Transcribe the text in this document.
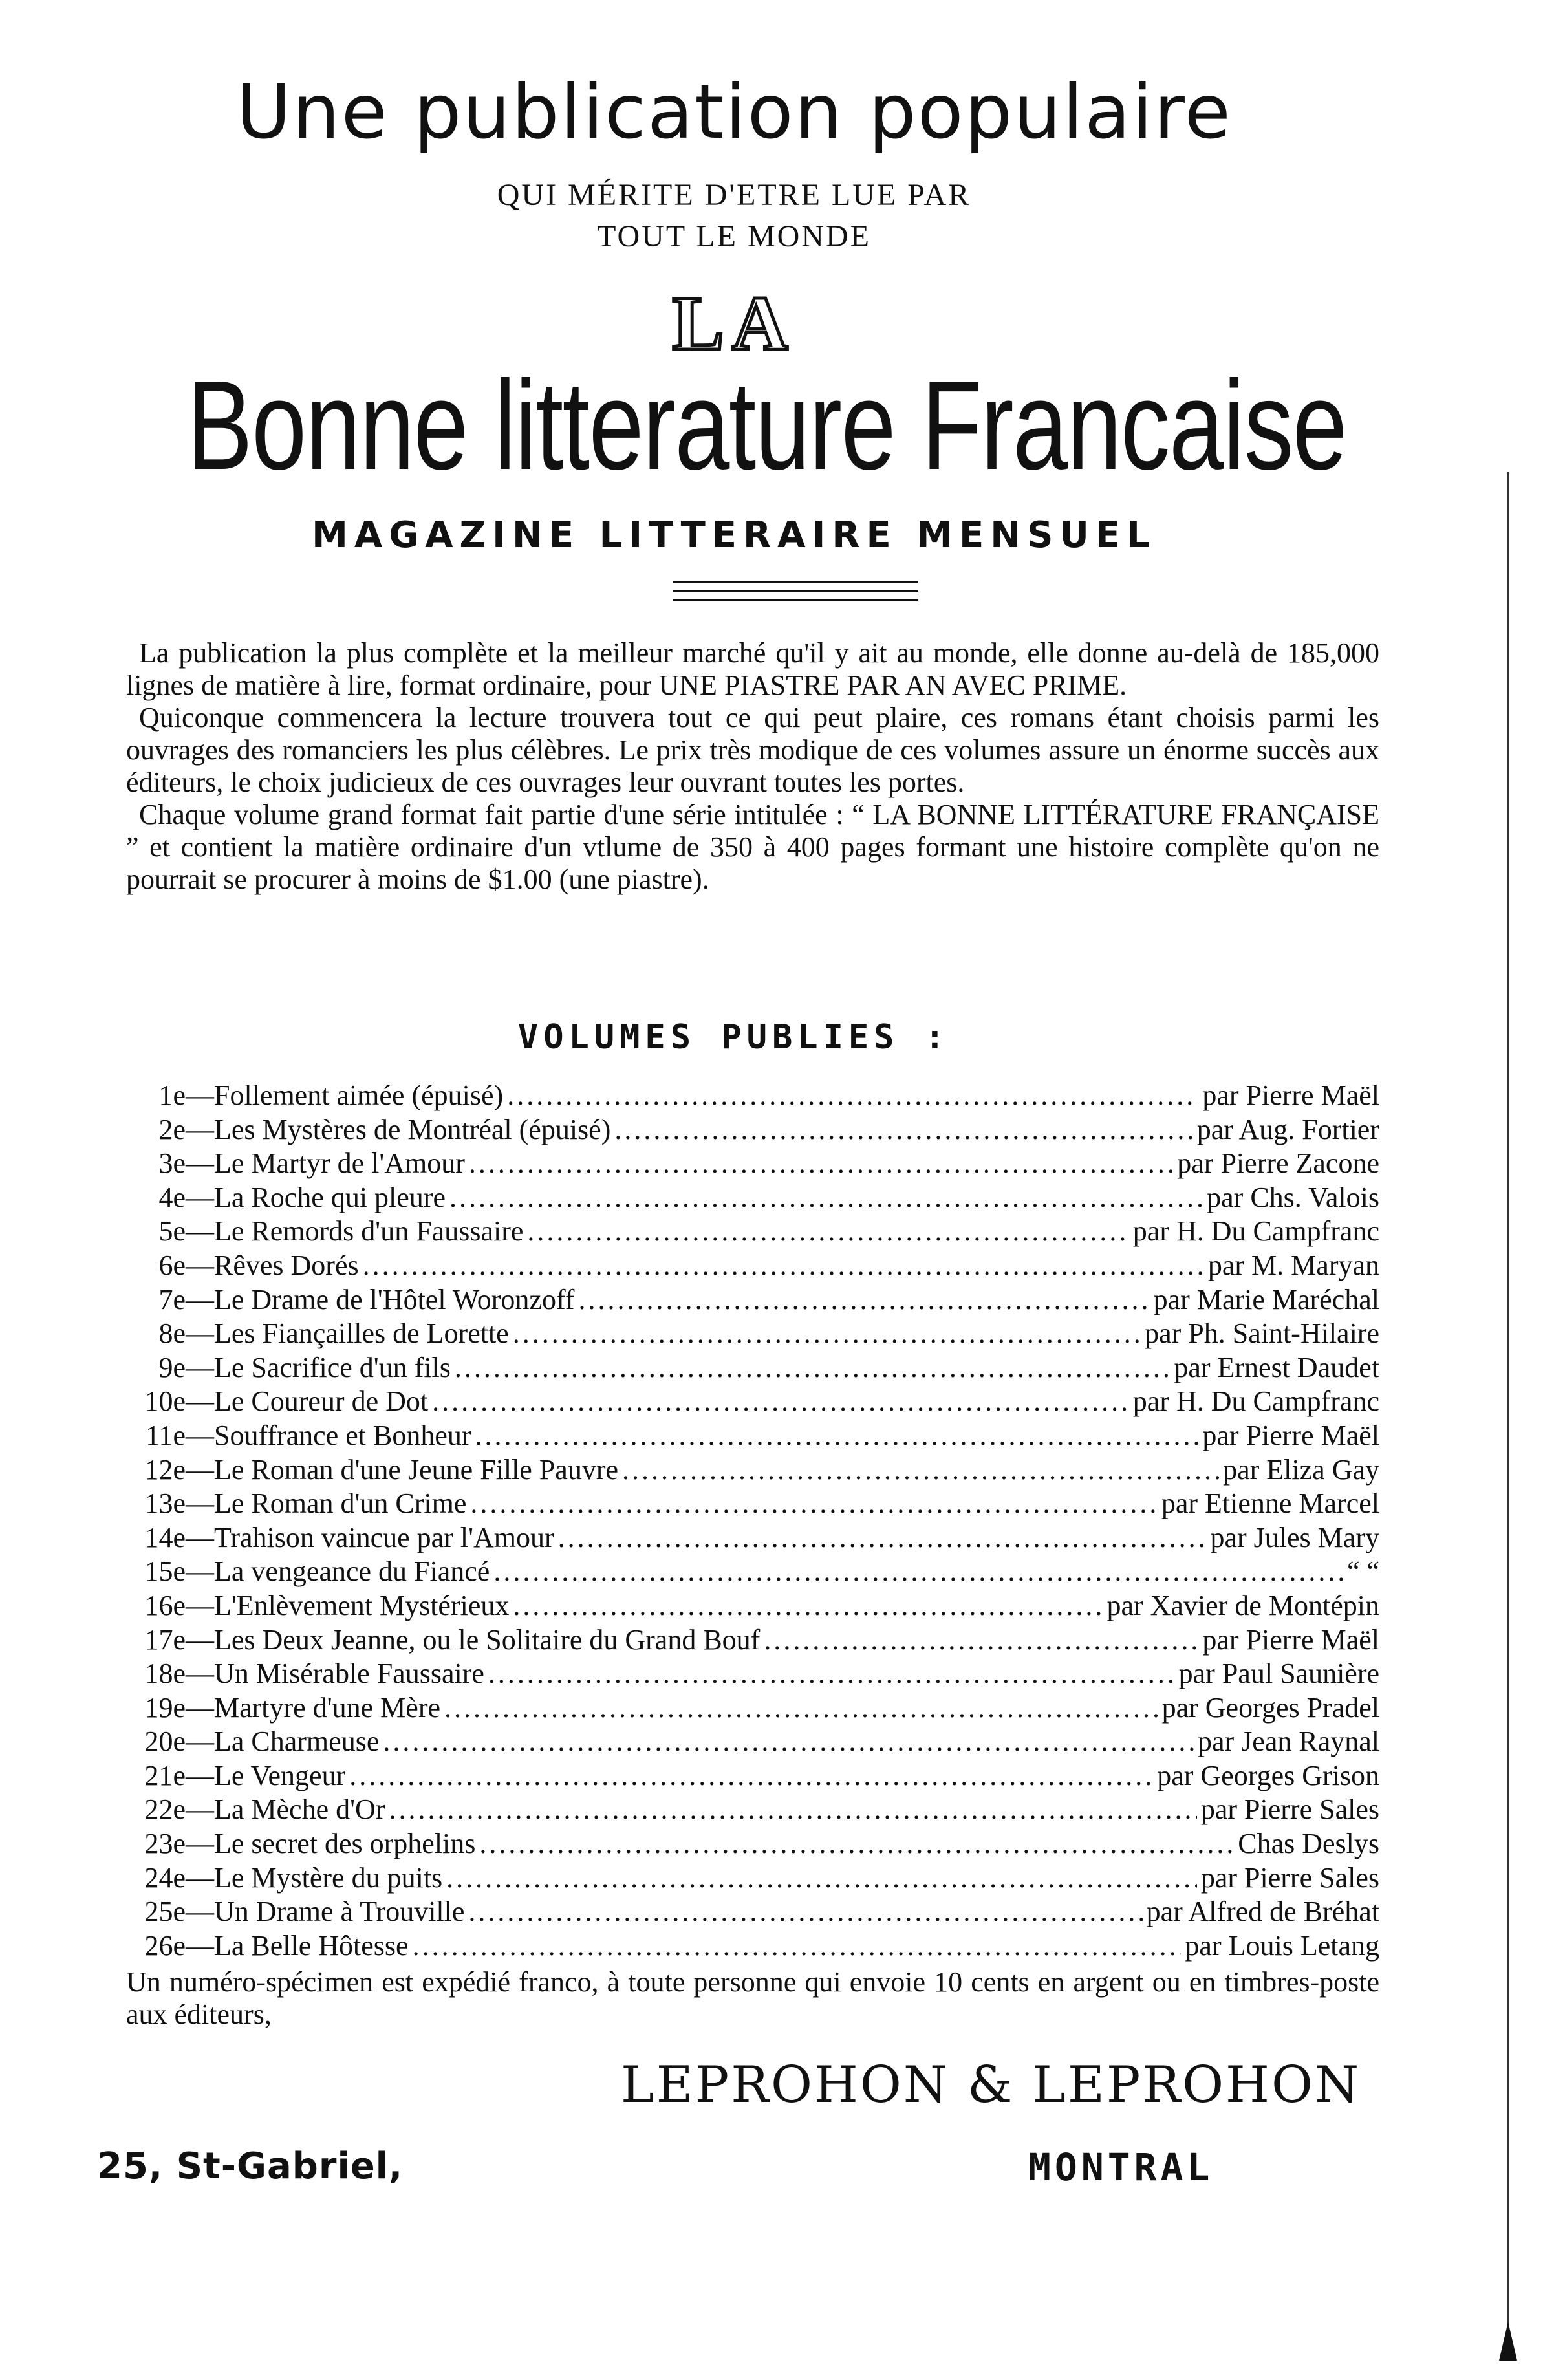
Une publication populaire
QUI MÉRITE D'ETRE LUE PAR
TOUT LE MONDE
LA
Bonne litterature Francaise
MAGAZINE LITTERAIRE MENSUEL
La publication la plus complète et la meilleur marché qu'il y ait au monde, elle donne au-delà de 185,000 lignes de matière à lire, format ordinaire, pour UNE PIASTRE PAR AN AVEC PRIME.
Quiconque commencera la lecture trouvera tout ce qui peut plaire, ces romans étant choisis parmi les ouvrages des romanciers les plus célèbres. Le prix très modique de ces volumes assure un énorme succès aux éditeurs, le choix judicieux de ces ouvrages leur ouvrant toutes les portes.
Chaque volume grand format fait partie d'une série intitulée : “ LA BONNE LITTÉRATURE FRANÇAISE ” et contient la matière ordinaire d'un vtlume de 350 à 400 pages formant une histoire complète qu'on ne pourrait se procurer à moins de $1.00 (une piastre).
VOLUMES PUBLIES :
1e — Follement aimée (épuisé) .....	par Pierre Maël
2e — Les Mystères de Montréal (épuisé) .....	par Aug. Fortier
3e — Le Martyr de l'Amour .....	par Pierre Zacone
4e — La Roche qui pleure .....	par Chs. Valois
5e — Le Remords d'un Faussaire .....	par H. Du Campfranc
6e — Rêves Dorés .....	par M. Maryan
7e — Le Drame de l'Hôtel Woronzoff .....	par Marie Maréchal
8e — Les Fiançailles de Lorette .....	par Ph. Saint-Hilaire
9e — Le Sacrifice d'un fils .....	par Ernest Daudet
10e — Le Coureur de Dot .....	par H. Du Campfranc
11e — Souffrance et Bonheur .....	par Pierre Maël
12e — Le Roman d'une Jeune Fille Pauvre .....	par Eliza Gay
13e — Le Roman d'un Crime .....	par Etienne Marcel
14e — Trahison vaincue par l'Amour .....	par Jules Mary
15e — La vengeance du Fiancé .....	“ “
16e — L'Enlèvement Mystérieux .....	par Xavier de Montépin
17e — Les Deux Jeanne, ou le Solitaire du Grand Bouf .....	par Pierre Maël
18e — Un Misérable Faussaire .....	par Paul Saunière
19e — Martyre d'une Mère .....	par Georges Pradel
20e — La Charmeuse .....	par Jean Raynal
21e — Le Vengeur .....	par Georges Grison
22e — La Mèche d'Or .....	par Pierre Sales
23e — Le secret des orphelins .....	Chas Deslys
24e — Le Mystère du puits .....	par Pierre Sales
25e — Un Drame à Trouville .....	par Alfred de Bréhat
26e — La Belle Hôtesse .....	par Louis Letang
Un numéro-spécimen est expédié franco, à toute personne qui envoie 10 cents en argent ou en timbres-poste aux éditeurs,
LEPROHON & LEPROHON
25, St-Gabriel,	MONTRAL
